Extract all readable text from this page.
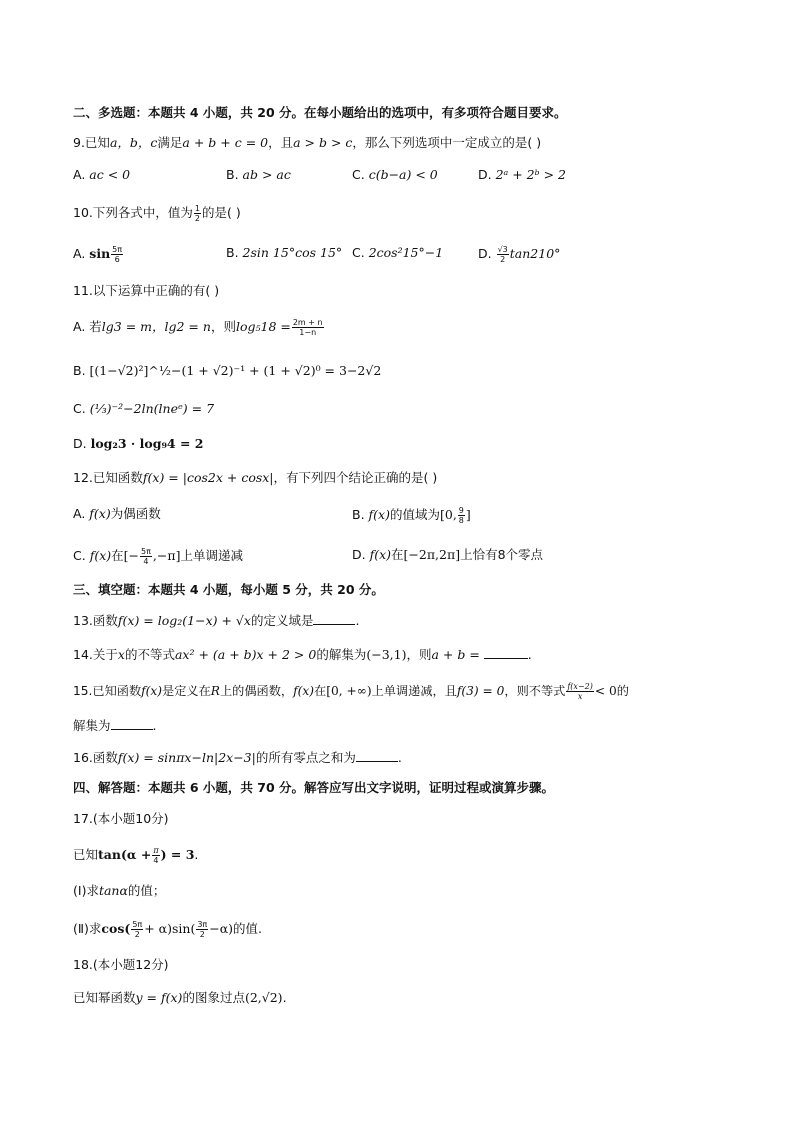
二、多选题：本题共 4 小题，共 20 分。在每小题给出的选项中，有多项符合题目要求。
9.已知a，b，c满足a + b + c = 0，且a > b > c，那么下列选项中一定成立的是( )
A. ac < 0	B. ab > ac	C. c(b−a) < 0	D. 2ᵃ + 2ᵇ > 2
10.下列各式中，值为 $\frac{1}{2}$ 的是( )
A. $\sin \frac{5\pi}{6}$	B. 2sin 15°cos 15° C. 2cos²15°−1	D. $\frac{√3}{2} \tan 210^\circ$
11.以下运算中正确的有( )
A. 若lg3 = m，lg2 = n，则$\log_518 = \frac{2m + n}{1-n}$
B. [(1−√2)²]^½−(1 + √2)⁻¹ + (1 + √2)⁰ = 3−2√2
C. (⅓)⁻²−2ln(lneᵉ) = 7
D. log₂3 · log₉4 = 2
12.已知函数f(x) = |cos2x + cosx|，有下列四个结论正确的是( )
A. f(x)为偶函数	B. f(x)的值域为[0, $\frac{9}{8}$ ]
C. f(x)在[− $\frac{5\pi}{4} ,-\pi$]上单调递减	D. f(x)在[−2π,2π]上恰有8个零点
三、填空题：本题共 4 小题，每小题 5 分，共 20 分。
13.函数f(x) = log₂(1−x) + √x的定义域是	.
14.关于x的不等式ax² + (a + b)x + 2 > 0的解集为(−3,1)，则a + b =	.
15.已知函数f(x)是定义在R上的偶函数，f(x)在[0, +∞)上单调递减，且f(3) = 0，则不等式 $\frac{f(x-2)}{x} < 0$的
解集为	.
16.函数f(x) = sinπx−ln|2x−3|的所有零点之和为	.
四、解答题：本题共 6 小题，共 70 分。解答应写出文字说明，证明过程或演算步骤。
17.(本小题10分)
已知$\tan(\alpha + \frac{\pi}{4}$ ) = 3.
(Ⅰ)求tanα的值；
(Ⅱ)求$\cos( \frac{5\pi}{2} + \alpha)\sin( \frac{3\pi}{2} -\alpha)$的值.
18.(本小题12分)
已知幂函数y = f(x)的图象过点(2,√2).
